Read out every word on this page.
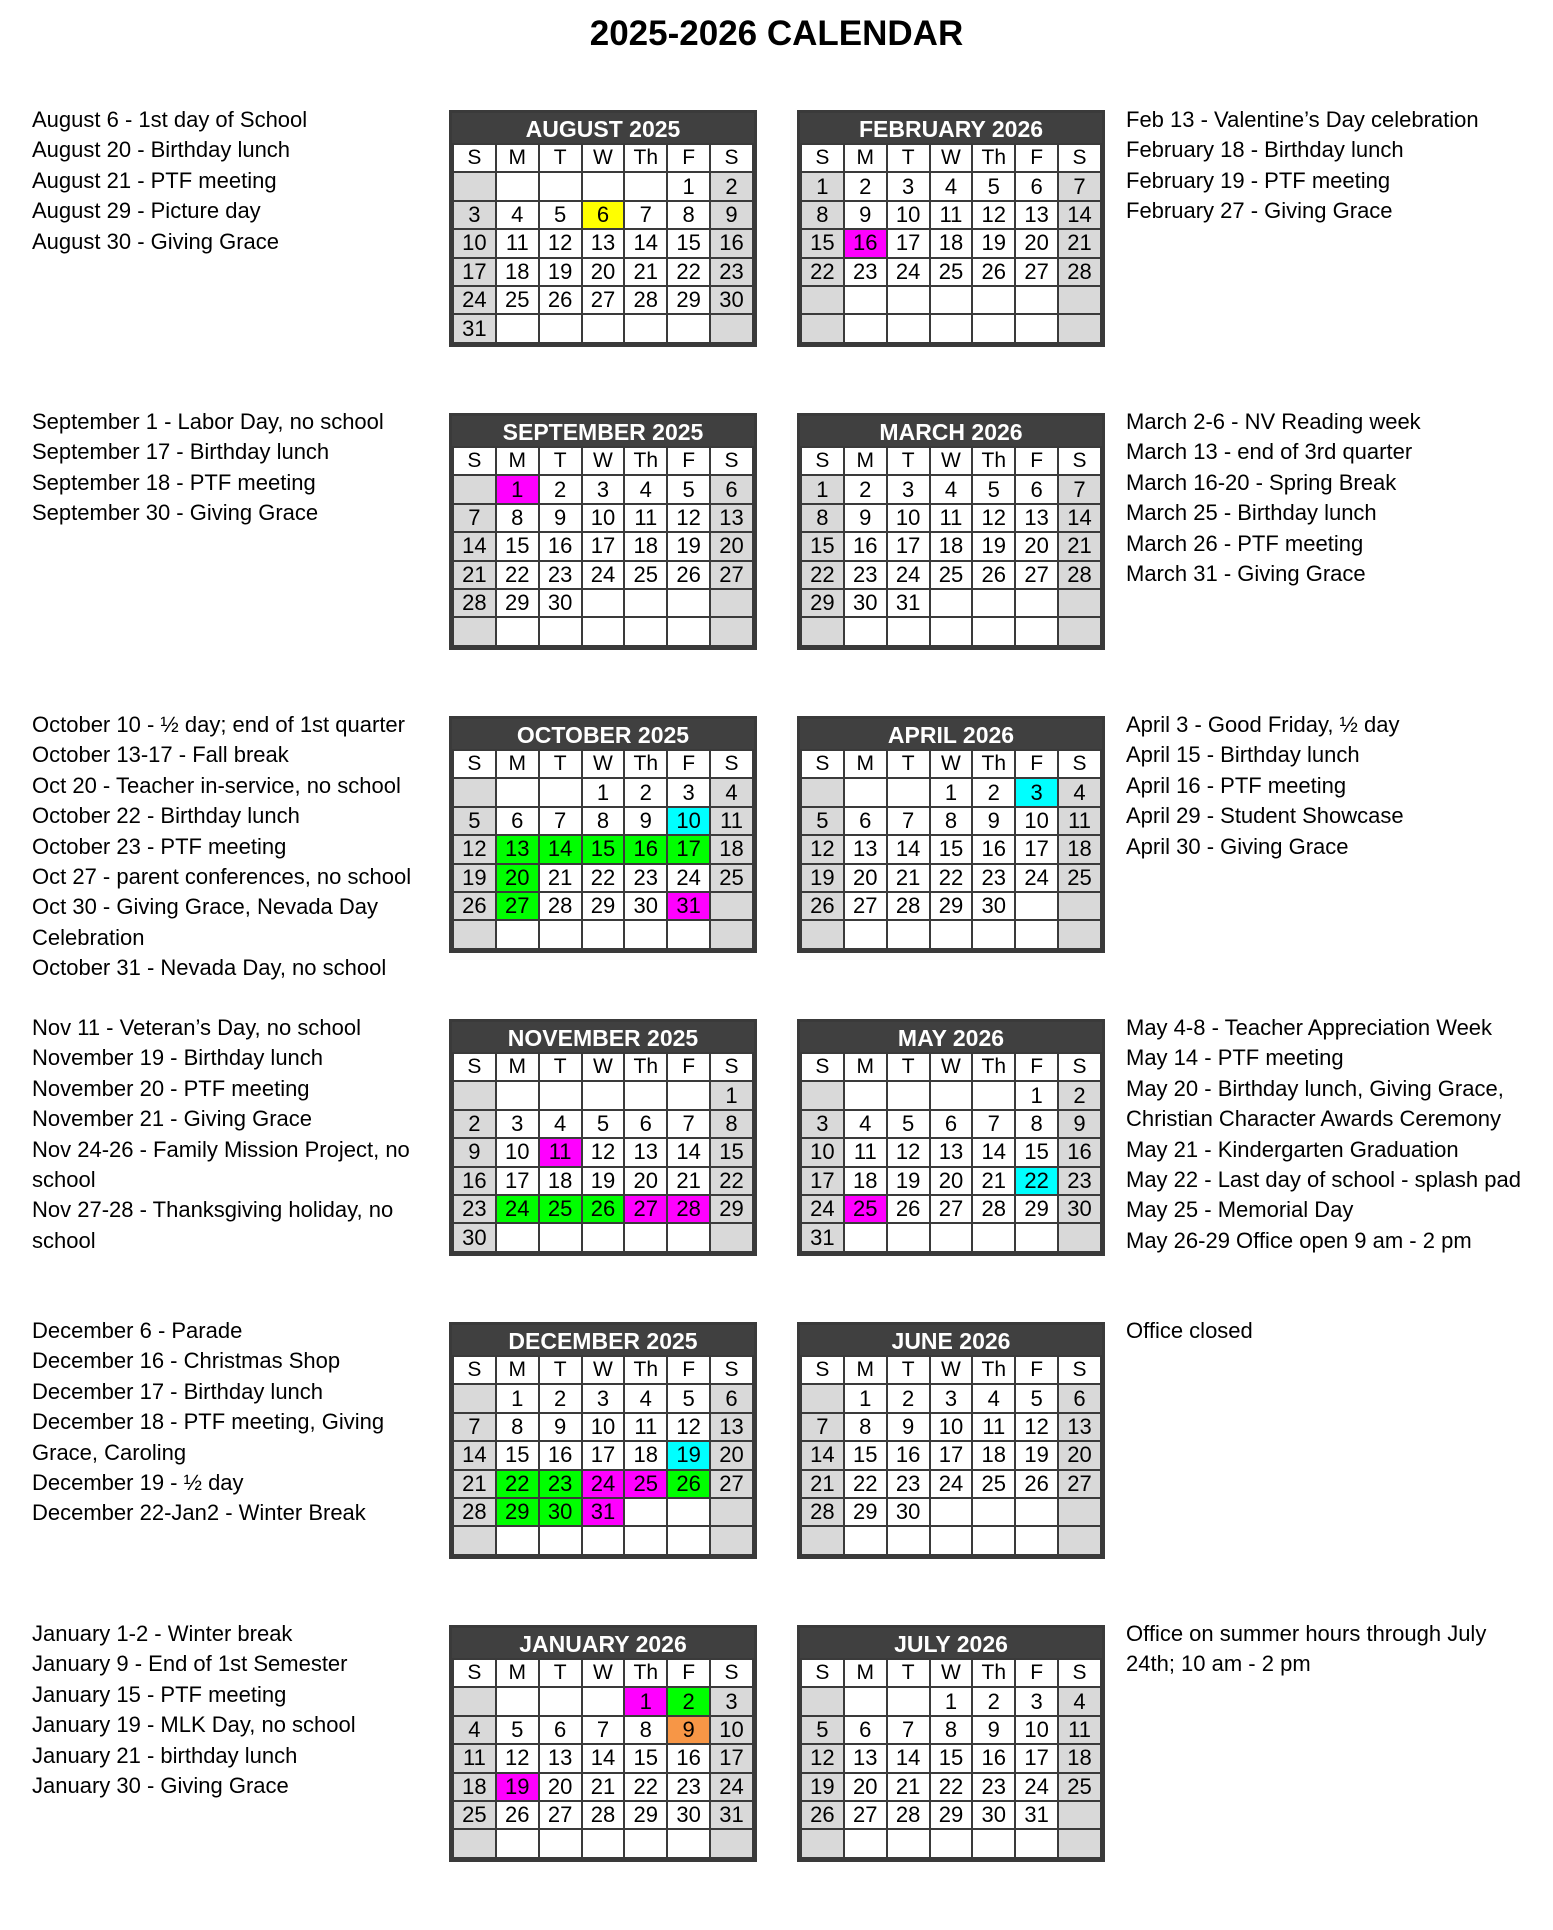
2025-2026 CALENDAR
August 6 - 1st day of School
August 20 - Birthday lunch
August 21 - PTF meeting
August 29 - Picture day
August 30 - Giving Grace
September 1 - Labor Day, no school
September 17 - Birthday lunch
September 18 - PTF meeting
September 30 - Giving Grace
October 10 - ½ day; end of 1st quarter
October 13-17 - Fall break
Oct 20 - Teacher in-service, no school
October 22 - Birthday lunch
October 23 - PTF meeting
Oct 27 - parent conferences, no school
Oct 30 - Giving Grace, Nevada Day Celebration
October 31 - Nevada Day, no school
Nov 11 - Veteran’s Day, no school
November 19 - Birthday lunch
November 20 - PTF meeting
November 21 - Giving Grace
Nov 24-26 - Family Mission Project, no school
Nov 27-28 - Thanksgiving holiday, no school
December 6 - Parade
December 16 - Christmas Shop
December 17 - Birthday lunch
December 18 - PTF meeting, Giving Grace, Caroling
December 19 - ½ day
December 22-Jan2 - Winter Break
January 1-2 - Winter break
January 9 - End of 1st Semester
January 15 - PTF meeting
January 19 - MLK Day, no school
January 21 - birthday lunch
January 30 - Giving Grace
Feb 13 - Valentine’s Day celebration
February 18 - Birthday lunch
February 19 - PTF meeting
February 27 - Giving Grace
March 2-6 - NV Reading week
March 13 - end of 3rd quarter
March 16-20 - Spring Break
March 25 - Birthday lunch
March 26 - PTF meeting
March 31 - Giving Grace
April 3 - Good Friday, ½ day
April 15 - Birthday lunch
April 16 - PTF meeting
April 29 - Student Showcase
April 30 - Giving Grace
May 4-8 - Teacher Appreciation Week
May 14 - PTF meeting
May 20 - Birthday lunch, Giving Grace, Christian Character Awards Ceremony
May 21 - Kindergarten Graduation
May 22 - Last day of school - splash pad
May 25 - Memorial Day
May 26-29 Office open 9 am - 2 pm
Office closed
Office on summer hours through July 24th; 10 am - 2 pm
AUGUST 2025
S	M	T	W	Th	F	S
					1	2
3	4	5	6	7	8	9
10	11	12	13	14	15	16
17	18	19	20	21	22	23
24	25	26	27	28	29	30
31						
FEBRUARY 2026
S	M	T	W	Th	F	S
1	2	3	4	5	6	7
8	9	10	11	12	13	14
15	16	17	18	19	20	21
22	23	24	25	26	27	28

SEPTEMBER 2025
S	M	T	W	Th	F	S
	1	2	3	4	5	6
7	8	9	10	11	12	13
14	15	16	17	18	19	20
21	22	23	24	25	26	27
28	29	30				

MARCH 2026
S	M	T	W	Th	F	S
1	2	3	4	5	6	7
8	9	10	11	12	13	14
15	16	17	18	19	20	21
22	23	24	25	26	27	28
29	30	31				

OCTOBER 2025
S	M	T	W	Th	F	S
			1	2	3	4
5	6	7	8	9	10	11
12	13	14	15	16	17	18
19	20	21	22	23	24	25
26	27	28	29	30	31	

APRIL 2026
S	M	T	W	Th	F	S
			1	2	3	4
5	6	7	8	9	10	11
12	13	14	15	16	17	18
19	20	21	22	23	24	25
26	27	28	29	30		

NOVEMBER 2025
S	M	T	W	Th	F	S
						1
2	3	4	5	6	7	8
9	10	11	12	13	14	15
16	17	18	19	20	21	22
23	24	25	26	27	28	29
30						
MAY 2026
S	M	T	W	Th	F	S
					1	2
3	4	5	6	7	8	9
10	11	12	13	14	15	16
17	18	19	20	21	22	23
24	25	26	27	28	29	30
31						
DECEMBER 2025
S	M	T	W	Th	F	S
	1	2	3	4	5	6
7	8	9	10	11	12	13
14	15	16	17	18	19	20
21	22	23	24	25	26	27
28	29	30	31			

JUNE 2026
S	M	T	W	Th	F	S
	1	2	3	4	5	6
7	8	9	10	11	12	13
14	15	16	17	18	19	20
21	22	23	24	25	26	27
28	29	30				

JANUARY 2026
S	M	T	W	Th	F	S
				1	2	3
4	5	6	7	8	9	10
11	12	13	14	15	16	17
18	19	20	21	22	23	24
25	26	27	28	29	30	31

JULY 2026
S	M	T	W	Th	F	S
			1	2	3	4
5	6	7	8	9	10	11
12	13	14	15	16	17	18
19	20	21	22	23	24	25
26	27	28	29	30	31	
